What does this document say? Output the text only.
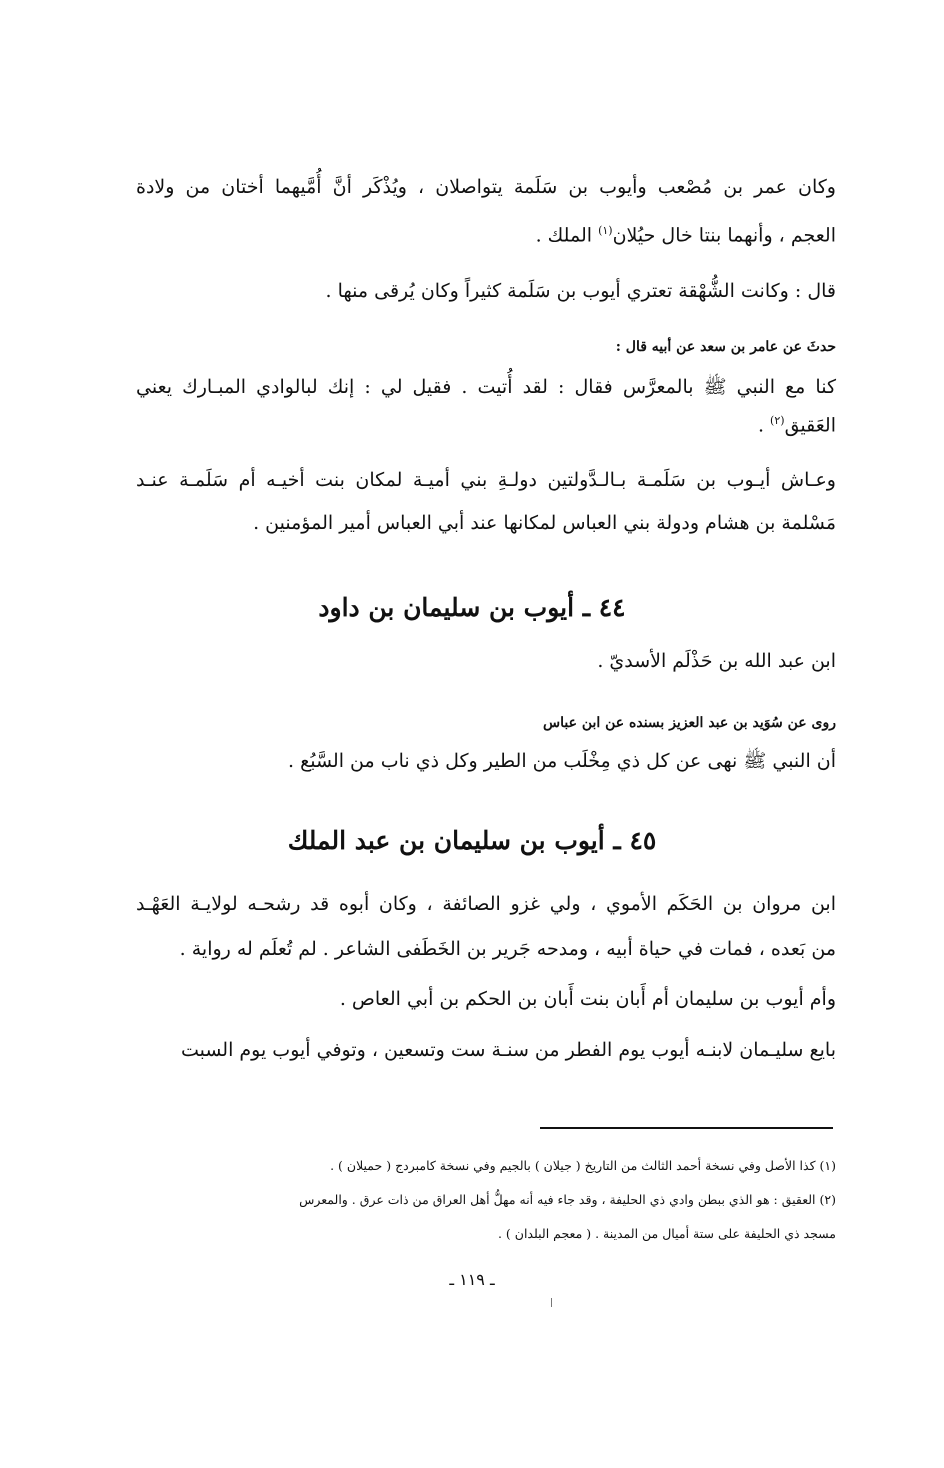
وكان عمر بن مُصْعب وأيوب بن سَلَمة يتواصلان ، ويُذْكَر أنَّ أُمَّيهما أختان من ولادة
العجم ، وأنهما بنتا خال حيُلان$^{(١)}$ الملك .
قال : وكانت الشُّهْقة تعتري أيوب بن سَلَمة كثيراً وكان يُرقى منها .
حدثَ عن عامر بن سعد عن أبيه قال :
كنا مع النبي ﷺ بالمعرَّس فقال : لقد أُتيت . فقيل لي : إنك لبالوادي المبـارك يعني
العَقيق$^{(٢)}$ .
وعـاش أيـوب بن سَلَمـة بـالـدَّولتين دولـةِ بني أميـة لمكان بنت أخيـه أم سَلَمـة عنـد
مَسْلمة بن هشام ودولة بني العباس لمكانها عند أبي العباس أمير المؤمنين .
٤٤ ـ أيوب بن سليمان بن داود
ابن عبد الله بن حَذْلَم الأسديّ .
روى عن سُوَيد بن عبد العزيز بسنده عن ابن عباس
أن النبي ﷺ نهى عن كل ذي مِخْلَب من الطير وكل ذي ناب من السَّبُع .
٤٥ ـ أيوب بن سليمان بن عبد الملك
ابن مروان بن الحَكَم الأموي ، ولي غزو الصائفة ، وكان أبوه قد رشحـه لولايـة العَهْـد
من بَعده ، فمات في حياة أبيه ، ومدحه جَرير بن الخَطَفى الشاعر . لم تُعلَم له رواية .
وأم أيوب بن سليمان أم أَبان بنت أَبان بن الحكم بن أبي العاص .
بايع سليـمان لابنـه أيوب يوم الفطر من سنـة ست وتسعين ، وتوفي أيوب يوم السبت
(١) كذا الأصل وفي نسخة أحمد الثالث من التاريخ ( جيلان ) بالجيم وفي نسخة كامبردج ( حميلان ) .
(٢) العقيق : هو الذي ببطن وادي ذي الحليفة ، وقد جاء فيه أنه مهلُّ أهل العراق من ذات عرق . والمعرس
مسجد ذي الحليفة على ستة أميال من المدينة . ( معجم البلدان ) .
ـ ١١٩ ـ
